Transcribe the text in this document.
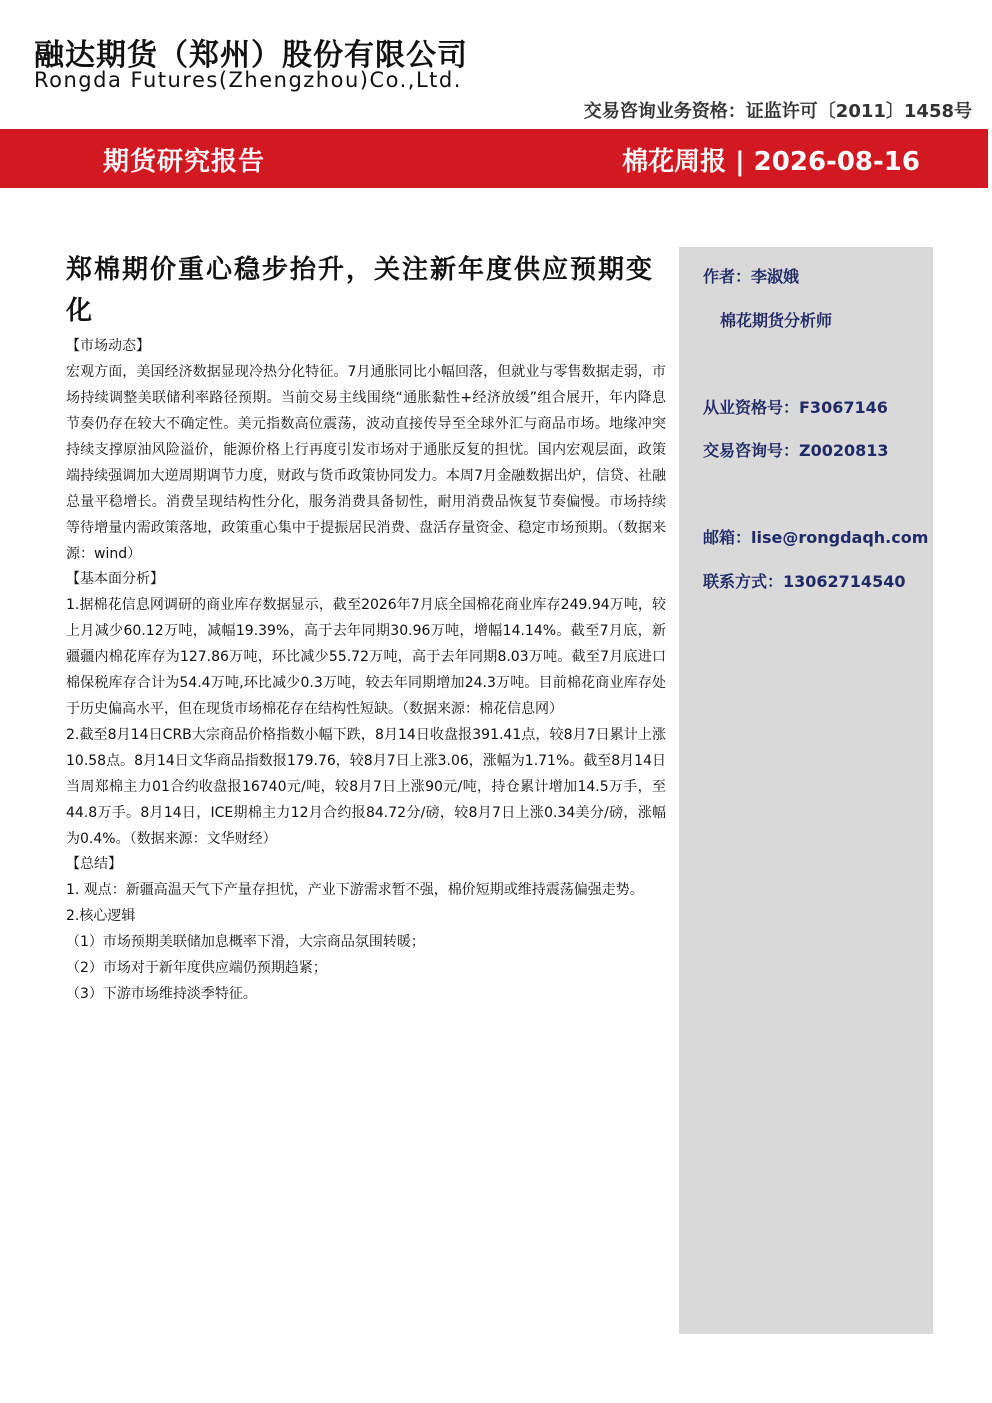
融达期货（郑州）股份有限公司
Rongda Futures(Zhengzhou)Co.,Ltd.
交易咨询业务资格：证监许可〔2011〕1458号
期货研究报告	棉花周报 | 2026-08-16
郑棉期价重心稳步抬升，关注新年度供应预期变化

【市场动态】

宏观方面，美国经济数据显现冷热分化特征。7月通胀同比小幅回落，但就业与零售数据走弱，市场持续调整美联储利率路径预期。当前交易主线围绕“通胀黏性+经济放缓”组合展开，年内降息节奏仍存在较大不确定性。美元指数高位震荡，波动直接传导至全球外汇与商品市场。地缘冲突持续支撑原油风险溢价，能源价格上行再度引发市场对于通胀反复的担忧。国内宏观层面，政策端持续强调加大逆周期调节力度，财政与货币政策协同发力。本周7月金融数据出炉，信贷、社融总量平稳增长。消费呈现结构性分化，服务消费具备韧性，耐用消费品恢复节奏偏慢。市场持续等待增量内需政策落地，政策重心集中于提振居民消费、盘活存量资金、稳定市场预期。（数据来源：wind）

【基本面分析】

1.据棉花信息网调研的商业库存数据显示，截至2026年7月底全国棉花商业库存249.94万吨，较上月减少60.12万吨，减幅19.39%，高于去年同期30.96万吨，增幅14.14%。截至7月底，新疆疆内棉花库存为127.86万吨，环比减少55.72万吨，高于去年同期8.03万吨。截至7月底进口棉保税库存合计为54.4万吨,环比减少0.3万吨，较去年同期增加24.3万吨。目前棉花商业库存处于历史偏高水平，但在现货市场棉花存在结构性短缺。（数据来源：棉花信息网）

2.截至8月14日CRB大宗商品价格指数小幅下跌，8月14日收盘报391.41点，较8月7日累计上涨10.58点。8月14日文华商品指数报179.76，较8月7日上涨3.06，涨幅为1.71%。截至8月14日当周郑棉主力01合约收盘报16740元/吨，较8月7日上涨90元/吨，持仓累计增加14.5万手，至44.8万手。8月14日，ICE期棉主力12月合约报84.72分/磅，较8月7日上涨0.34美分/磅，涨幅为0.4%。（数据来源：文华财经）

【总结】

1. 观点：新疆高温天气下产量存担忧，产业下游需求暂不强，棉价短期或维持震荡偏强走势。

2.核心逻辑

（1）市场预期美联储加息概率下滑，大宗商品氛围转暖；

（2）市场对于新年度供应端仍预期趋紧；

（3）下游市场维持淡季特征。

作者：李淑娥
棉花期货分析师
从业资格号：F3067146
交易咨询号：Z0020813
邮箱：lise@rongdaqh.com
联系方式：13062714540
